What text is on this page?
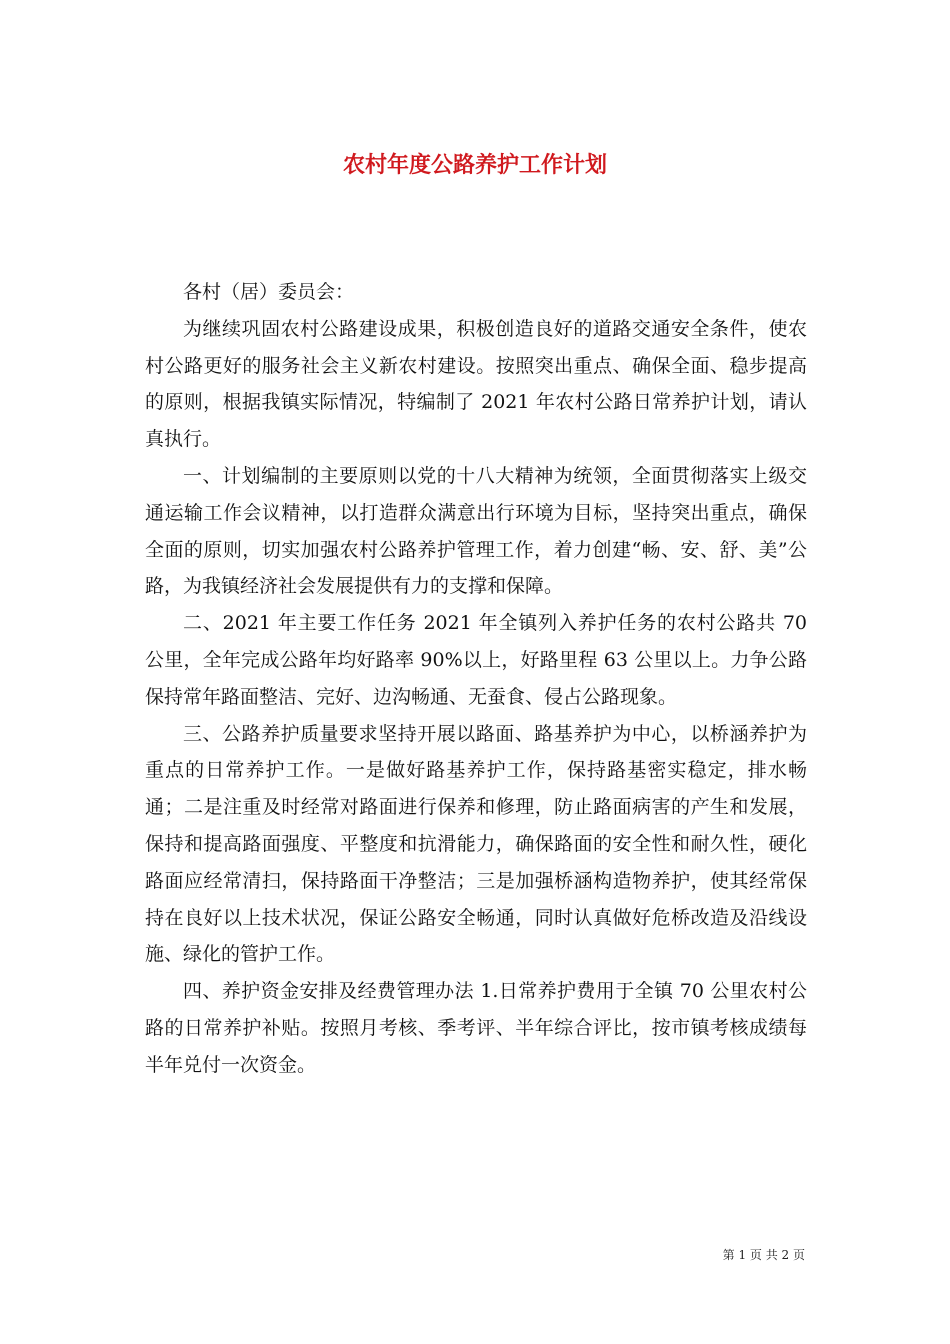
农村年度公路养护工作计划

各村（居）委员会：

为继续巩固农村公路建设成果，积极创造良好的道路交通安全条件，使农村公路更好的服务社会主义新农村建设。按照突出重点、确保全面、稳步提高的原则，根据我镇实际情况，特编制了 2021 年农村公路日常养护计划，请认真执行。

一、计划编制的主要原则以党的十八大精神为统领，全面贯彻落实上级交通运输工作会议精神，以打造群众满意出行环境为目标，坚持突出重点，确保全面的原则，切实加强农村公路养护管理工作，着力创建“畅、安、舒、美”公路，为我镇经济社会发展提供有力的支撑和保障。

二、2021 年主要工作任务 2021 年全镇列入养护任务的农村公路共 70 公里，全年完成公路年均好路率 90%以上，好路里程 63 公里以上。力争公路保持常年路面整洁、完好、边沟畅通、无蚕食、侵占公路现象。

三、公路养护质量要求坚持开展以路面、路基养护为中心，以桥涵养护为重点的日常养护工作。一是做好路基养护工作，保持路基密实稳定，排水畅通；二是注重及时经常对路面进行保养和修理，防止路面病害的产生和发展，保持和提高路面强度、平整度和抗滑能力，确保路面的安全性和耐久性，硬化路面应经常清扫，保持路面干净整洁；三是加强桥涵构造物养护，使其经常保持在良好以上技术状况，保证公路安全畅通，同时认真做好危桥改造及沿线设施、绿化的管护工作。

四、养护资金安排及经费管理办法 1.日常养护费用于全镇 70 公里农村公路的日常养护补贴。按照月考核、季考评、半年综合评比，按市镇考核成绩每半年兑付一次资金。

第 1 页 共 2 页
